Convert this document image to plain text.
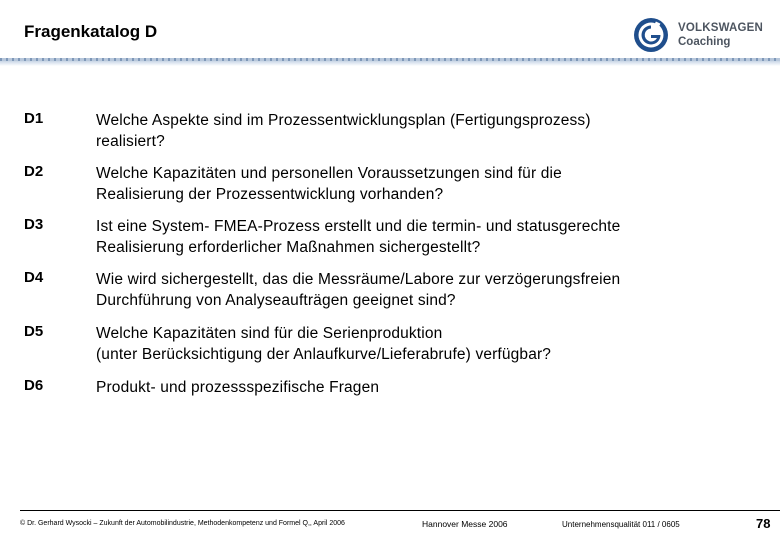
Fragenkatalog D	VOLKSWAGEN
Coaching
D1	Welche Aspekte sind im Prozessentwicklungsplan (Fertigungsprozess)
realisiert?
D2	Welche Kapazitäten und personellen Voraussetzungen sind für die
Realisierung der Prozessentwicklung vorhanden?
D3	Ist eine System- FMEA-Prozess erstellt und die termin- und statusgerechte
Realisierung erforderlicher Maßnahmen sichergestellt?
D4	Wie wird sichergestellt, das die Messräume/Labore zur verzögerungsfreien
Durchführung von Analyseaufträgen geeignet sind?
D5	Welche Kapazitäten sind für die Serienproduktion
(unter Berücksichtigung der Anlaufkurve/Lieferabrufe) verfügbar?
D6	Produkt- und prozessspezifische Fragen
© Dr. Gerhard Wysocki – Zukunft der Automobilindustrie, Methodenkompetenz und Formel Q,, April 2006	Hannover Messe 2006	Unternehmensqualität 011 / 0605	78
